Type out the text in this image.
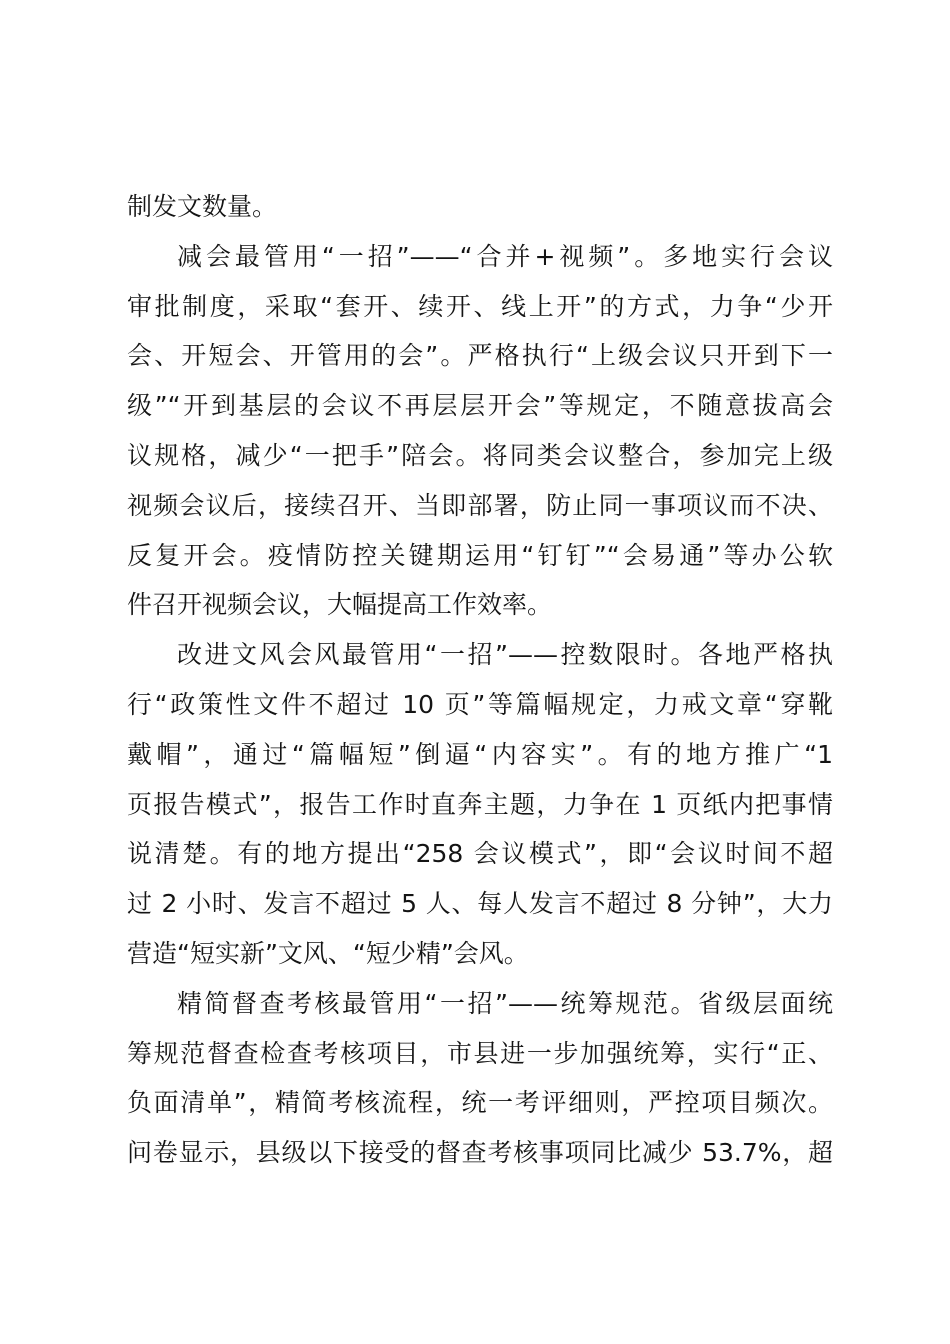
制发文数量。
减会最管用“一招”——“合并+视频”。多地实行会议
审批制度，采取“套开、续开、线上开”的方式，力争“少开
会、开短会、开管用的会”。严格执行“上级会议只开到下一
级”“开到基层的会议不再层层开会”等规定，不随意拔高会
议规格，减少“一把手”陪会。将同类会议整合，参加完上级
视频会议后，接续召开、当即部署，防止同一事项议而不决、
反复开会。疫情防控关键期运用“钉钉”“会易通”等办公软
件召开视频会议，大幅提高工作效率。
改进文风会风最管用“一招”——控数限时。各地严格执
行“政策性文件不超过 10 页”等篇幅规定，力戒文章“穿靴
戴帽”，通过“篇幅短”倒逼“内容实”。有的地方推广“1
页报告模式”，报告工作时直奔主题，力争在 1 页纸内把事情
说清楚。有的地方提出“258 会议模式”，即“会议时间不超
过 2 小时、发言不超过 5 人、每人发言不超过 8 分钟”，大力
营造“短实新”文风、“短少精”会风。
精简督查考核最管用“一招”——统筹规范。省级层面统
筹规范督查检查考核项目，市县进一步加强统筹，实行“正、
负面清单”，精简考核流程，统一考评细则，严控项目频次。
问卷显示，县级以下接受的督查考核事项同比减少 53.7%，超
